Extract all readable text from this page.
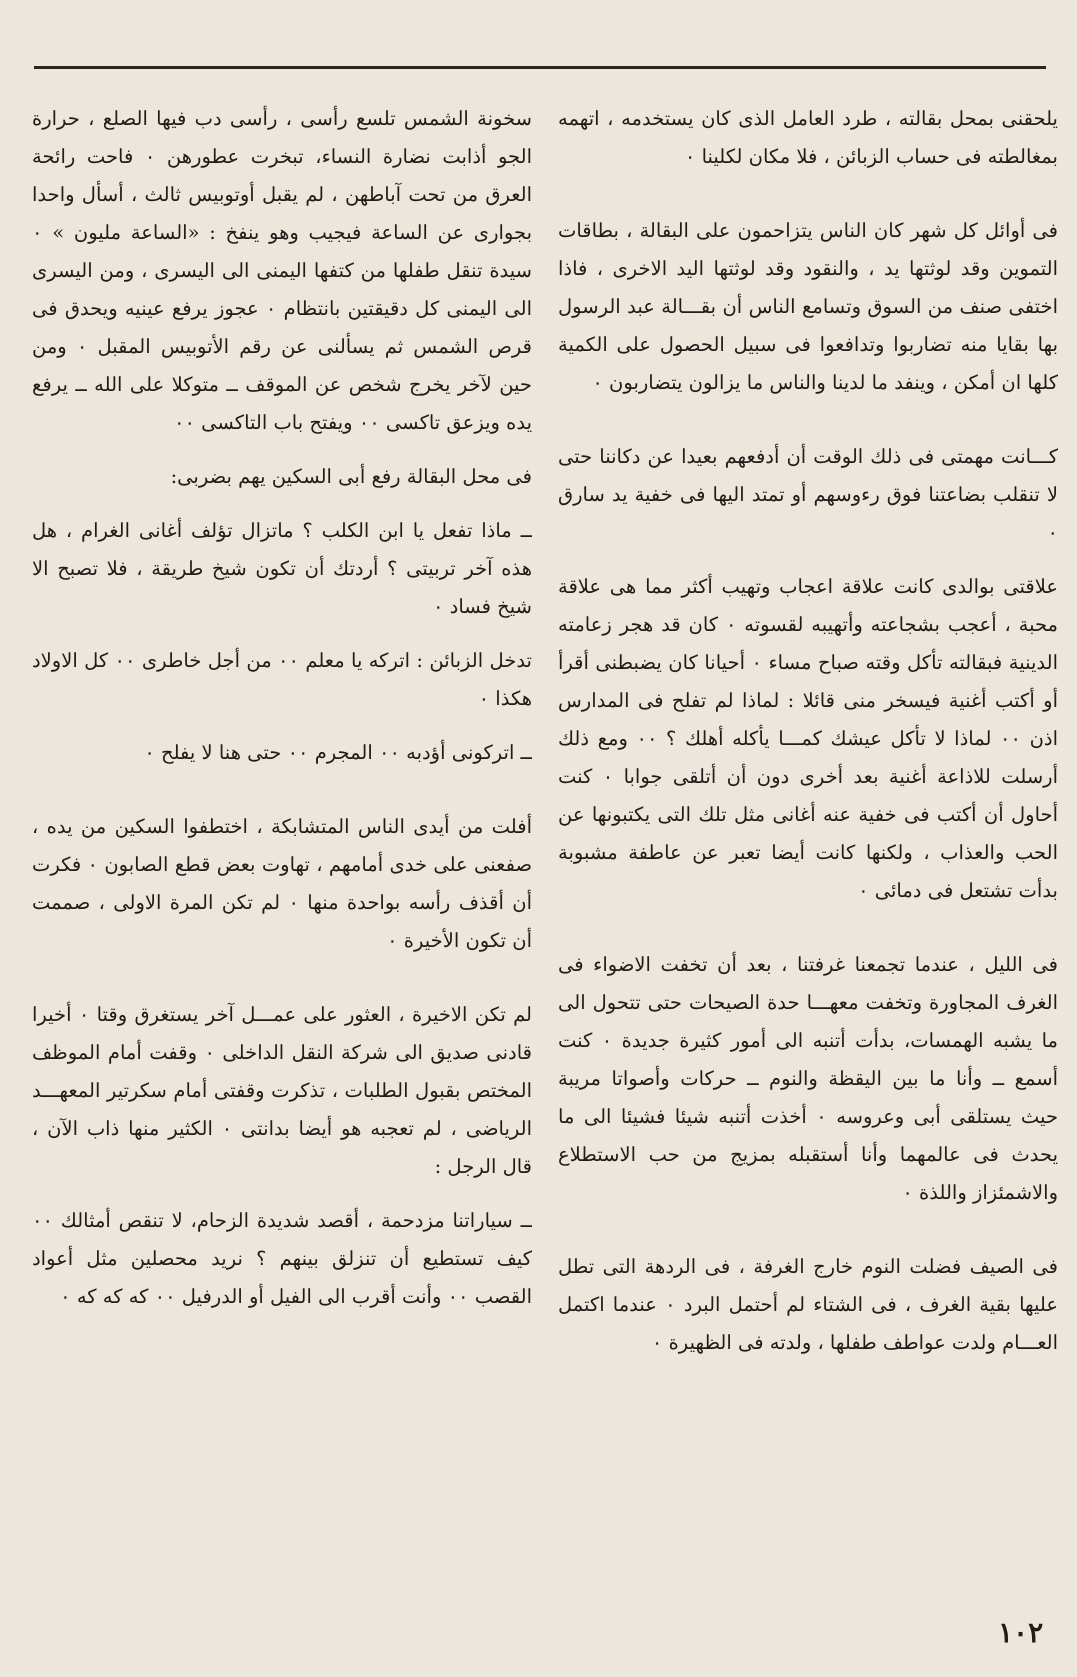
يلحقنى بمحل بقالته ، طرد العامل الذى كان يستخدمه ، اتهمه بمغالطته فى حساب الزبائن ، فلا مكان لكلينا ٠

فى أوائل كل شهر كان الناس يتزاحمون على البقالة ، بطاقات التموين وقد لوثتها يد ، والنقود وقد لوثتها اليد الاخرى ، فاذا اختفى صنف من السوق وتسامع الناس أن بقـــالة عبد الرسول بها بقايا منه تضاربوا وتدافعوا فى سبيل الحصول على الكمية كلها ان أمكن ، وينفد ما لدينا والناس ما يزالون يتضاربون ٠

كـــانت مهمتى فى ذلك الوقت أن أدفعهم بعيدا عن دكاننا حتى لا تنقلب بضاعتنا فوق رءوسهم أو تمتد اليها فى خفية يد سارق ٠

علاقتى بوالدى كانت علاقة اعجاب وتهيب أكثر مما هى علاقة محبة ، أعجب بشجاعته وأتهيبه لقسوته ٠ كان قد هجر زعامته الدينية فبقالته تأكل وقته صباح مساء ٠ أحيانا كان يضبطنى أقرأ أو أكتب أغنية فيسخر منى قائلا : لماذا لم تفلح فى المدارس اذن ٠٠ لماذا لا تأكل عيشك كمـــا يأكله أهلك ؟ ٠٠ ومع ذلك أرسلت للاذاعة أغنية بعد أخرى دون أن أتلقى جوابا ٠ كنت أحاول أن أكتب فى خفية عنه أغانى مثل تلك التى يكتبونها عن الحب والعذاب ، ولكنها كانت أيضا تعبر عن عاطفة مشبوبة بدأت تشتعل فى دمائى ٠

فى الليل ، عندما تجمعنا غرفتنا ، بعد أن تخفت الاضواء فى الغرف المجاورة وتخفت معهـــا حدة الصيحات حتى تتحول الى ما يشبه الهمسات، بدأت أتنبه الى أمور كثيرة جديدة ٠ كنت أسمع ــ وأنا ما بين اليقظة والنوم ــ حركات وأصواتا مريبة حيث يستلقى أبى وعروسه ٠ أخذت أتنبه شيئا فشيئا الى ما يحدث فى عالمهما وأنا أستقبله بمزيج من حب الاستطلاع والاشمئزاز واللذة ٠

فى الصيف فضلت النوم خارج الغرفة ، فى الردهة التى تطل عليها بقية الغرف ، فى الشتاء لم أحتمل البرد ٠ عندما اكتمل العـــام ولدت عواطف طفلها ، ولدته فى الظهيرة ٠

سخونة الشمس تلسع رأسى ، رأسى دب فيها الصلع ، حرارة الجو أذابت نضارة النساء، تبخرت عطورهن ٠ فاحت رائحة العرق من تحت آباطهن ، لم يقبل أوتوبيس ثالث ، أسأل واحدا بجوارى عن الساعة فيجيب وهو ينفخ : «الساعة مليون » ٠ سيدة تنقل طفلها من كتفها اليمنى الى اليسرى ، ومن اليسرى الى اليمنى كل دقيقتين بانتظام ٠ عجوز يرفع عينيه ويحدق فى قرص الشمس ثم يسألنى عن رقم الأتوبيس المقبل ٠ ومن حين لآخر يخرج شخص عن الموقف ــ متوكلا على الله ــ يرفع يده ويزعق تاكسى ٠٠ ويفتح باب التاكسى ٠٠

فى محل البقالة رفع أبى السكين يهم بضربى:

ــ ماذا تفعل يا ابن الكلب ؟ ماتزال تؤلف أغانى الغرام ، هل هذه آخر تربيتى ؟ أردتك أن تكون شيخ طريقة ، فلا تصبح الا شيخ فساد ٠

تدخل الزبائن : اتركه يا معلم ٠٠ من أجل خاطرى ٠٠ كل الاولاد هكذا ٠

ــ اتركونى أؤدبه ٠٠ المجرم ٠٠ حتى هنا لا يفلح ٠

أفلت من أيدى الناس المتشابكة ، اختطفوا السكين من يده ، صفعنى على خدى أمامهم ، تهاوت بعض قطع الصابون ٠ فكرت أن أقذف رأسه بواحدة منها ٠ لم تكن المرة الاولى ، صممت أن تكون الأخيرة ٠

لم تكن الاخيرة ، العثور على عمـــل آخر يستغرق وقتا ٠ أخيرا قادنى صديق الى شركة النقل الداخلى ٠ وقفت أمام الموظف المختص بقبول الطلبات ، تذكرت وقفتى أمام سكرتير المعهـــد الرياضى ، لم تعجبه هو أيضا بدانتى ٠ الكثير منها ذاب الآن ، قال الرجل :

ــ سياراتنا مزدحمة ، أقصد شديدة الزحام، لا تنقص أمثالك ٠٠ كيف تستطيع أن تنزلق بينهم ؟ نريد محصلين مثل أعواد القصب ٠٠ وأنت أقرب الى الفيل أو الدرفيل ٠٠ كه كه كه ٠

١٠٢
